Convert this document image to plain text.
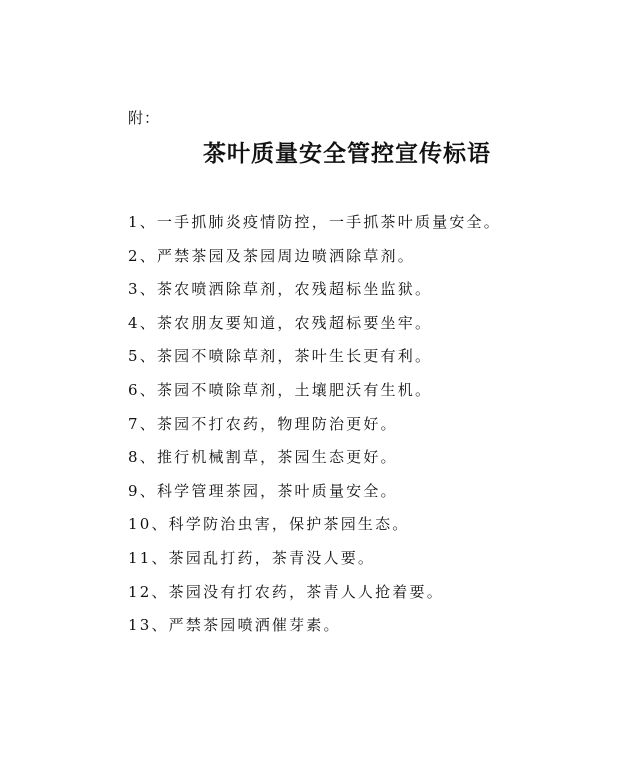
附：
茶叶质量安全管控宣传标语
1、一手抓肺炎疫情防控，一手抓茶叶质量安全。
2、严禁茶园及茶园周边喷洒除草剂。
3、茶农喷洒除草剂，农残超标坐监狱。
4、茶农朋友要知道，农残超标要坐牢。
5、茶园不喷除草剂，茶叶生长更有利。
6、茶园不喷除草剂，土壤肥沃有生机。
7、茶园不打农药，物理防治更好。
8、推行机械割草，茶园生态更好。
9、科学管理茶园，茶叶质量安全。
10、科学防治虫害，保护茶园生态。
11、茶园乱打药，茶青没人要。
12、茶园没有打农药，茶青人人抢着要。
13、严禁茶园喷洒催芽素。
